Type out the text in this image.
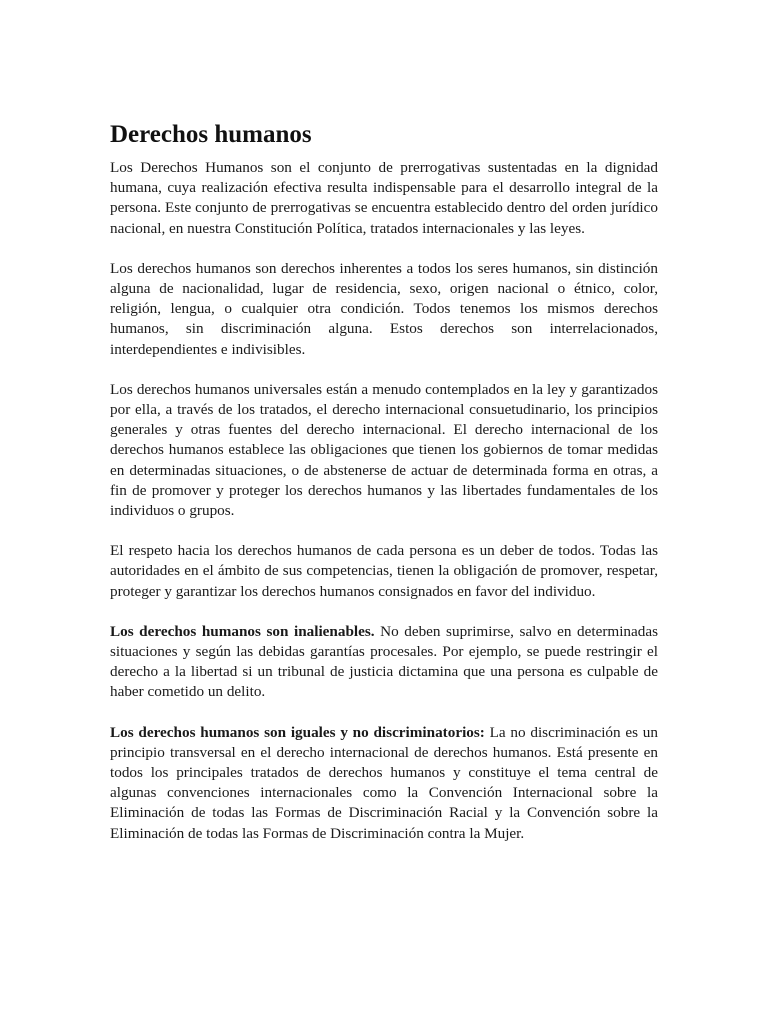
Derechos humanos

Los Derechos Humanos son el conjunto de prerrogativas sustentadas en la dignidad humana, cuya realización efectiva resulta indispensable para el desarrollo integral de la persona. Este conjunto de prerrogativas se encuentra establecido dentro del orden jurídico nacional, en nuestra Constitución Política, tratados internacionales y las leyes.

Los derechos humanos son derechos inherentes a todos los seres humanos, sin distinción alguna de nacionalidad, lugar de residencia, sexo, origen nacional o étnico, color, religión, lengua, o cualquier otra condición. Todos tenemos los mismos derechos humanos, sin discriminación alguna. Estos derechos son interrelacionados, interdependientes e indivisibles.

Los derechos humanos universales están a menudo contemplados en la ley y garantizados por ella, a través de los tratados, el derecho internacional consuetudinario, los principios generales y otras fuentes del derecho internacional. El derecho internacional de los derechos humanos establece las obligaciones que tienen los gobiernos de tomar medidas en determinadas situaciones, o de abstenerse de actuar de determinada forma en otras, a fin de promover y proteger los derechos humanos y las libertades fundamentales de los individuos o grupos.

El respeto hacia los derechos humanos de cada persona es un deber de todos. Todas las autoridades en el ámbito de sus competencias, tienen la obligación de promover, respetar, proteger y garantizar los derechos humanos consignados en favor del individuo.

Los derechos humanos son inalienables. No deben suprimirse, salvo en determinadas situaciones y según las debidas garantías procesales. Por ejemplo, se puede restringir el derecho a la libertad si un tribunal de justicia dictamina que una persona es culpable de haber cometido un delito.

Los derechos humanos son iguales y no discriminatorios: La no discriminación es un principio transversal en el derecho internacional de derechos humanos. Está presente en todos los principales tratados de derechos humanos y constituye el tema central de algunas convenciones internacionales como la Convención Internacional sobre la Eliminación de todas las Formas de Discriminación Racial y la Convención sobre la Eliminación de todas las Formas de Discriminación contra la Mujer.
